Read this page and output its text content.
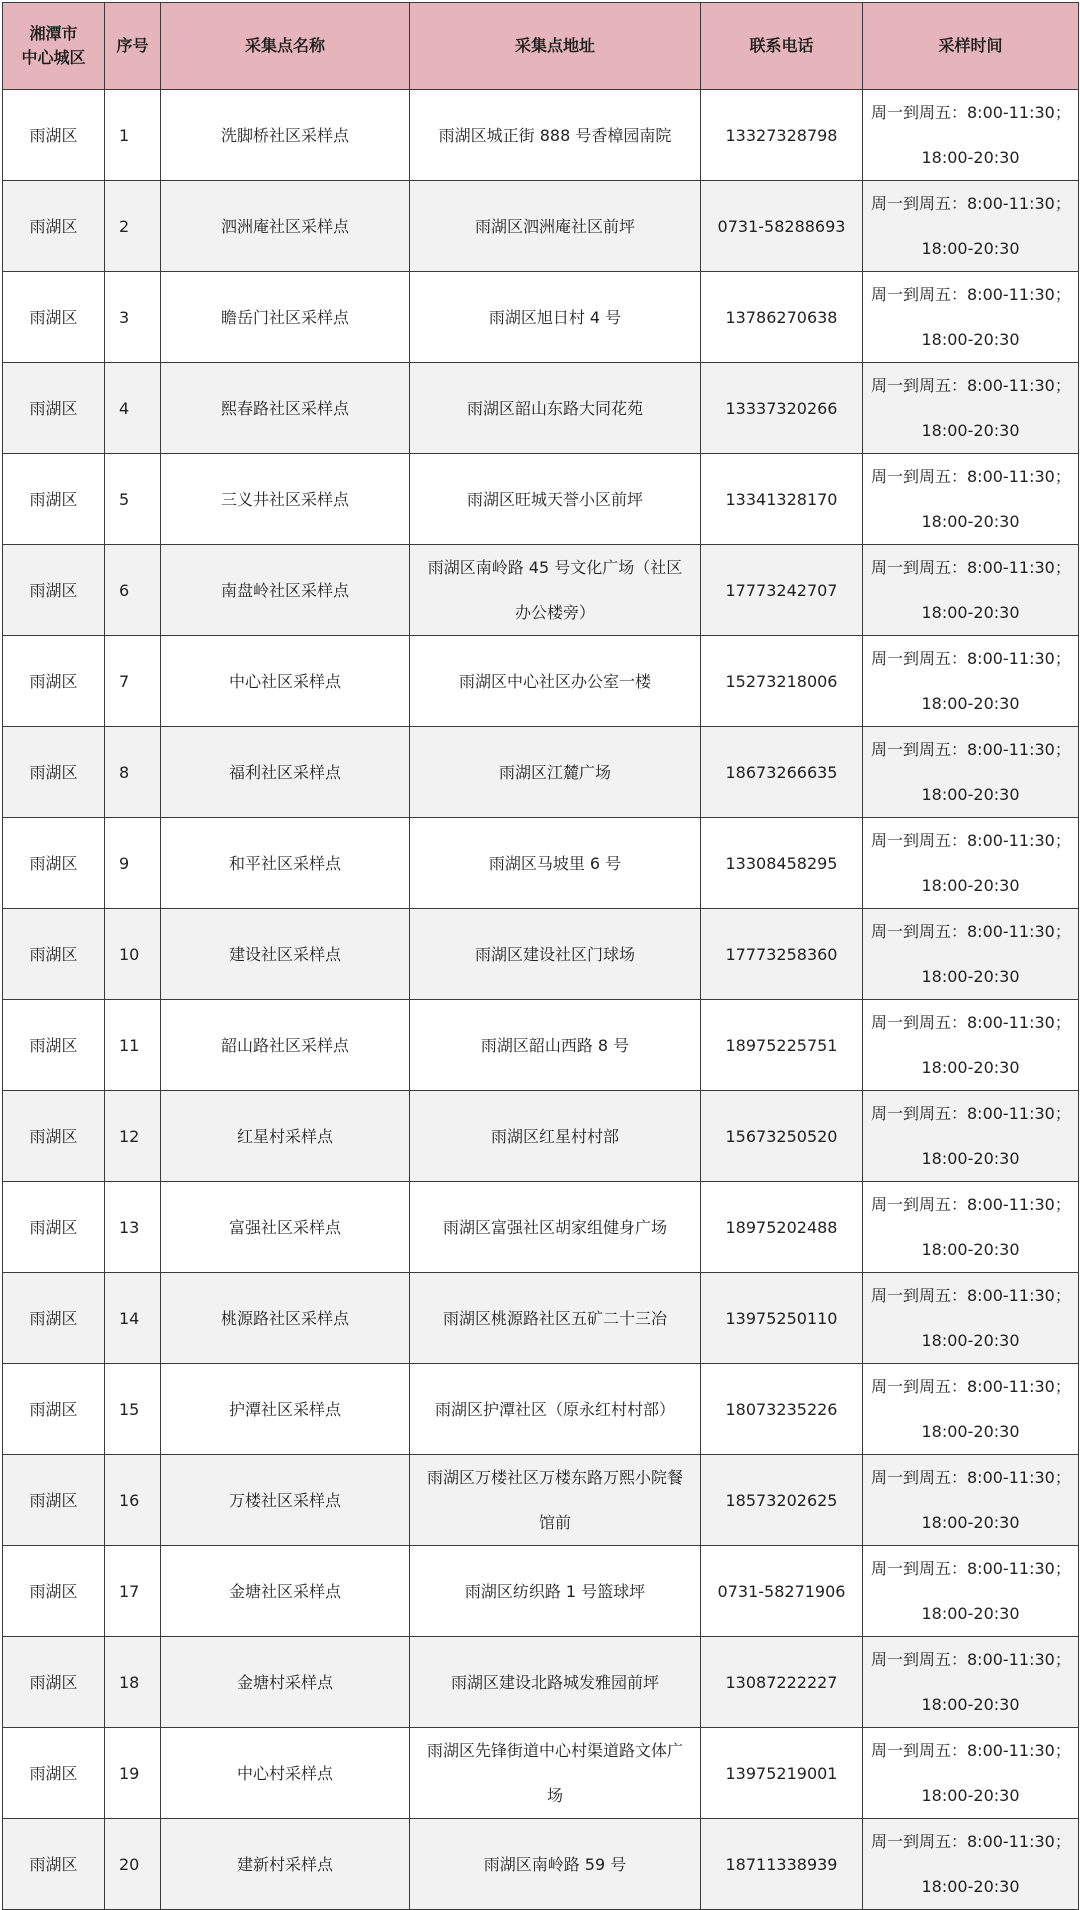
湘潭市
中心城区	序号	采集点名称	采集点地址	联系电话	采样时间
雨湖区	1	洗脚桥社区采样点	雨湖区城正街 888 号香樟园南院	13327328798	周一到周五：8:00-11:30；
18:00-20:30

雨湖区	2	泗洲庵社区采样点	雨湖区泗洲庵社区前坪	0731-58288693	周一到周五：8:00-11:30；
18:00-20:30

雨湖区	3	瞻岳门社区采样点	雨湖区旭日村 4 号	13786270638	周一到周五：8:00-11:30；
18:00-20:30

雨湖区	4	熙春路社区采样点	雨湖区韶山东路大同花苑	13337320266	周一到周五：8:00-11:30；
18:00-20:30

雨湖区	5	三义井社区采样点	雨湖区旺城天誉小区前坪	13341328170	周一到周五：8:00-11:30；
18:00-20:30

雨湖区	6	南盘岭社区采样点	雨湖区南岭路 45 号文化广场（社区
办公楼旁）	17773242707	周一到周五：8:00-11:30；
18:00-20:30

雨湖区	7	中心社区采样点	雨湖区中心社区办公室一楼	15273218006	周一到周五：8:00-11:30；
18:00-20:30

雨湖区	8	福利社区采样点	雨湖区江麓广场	18673266635	周一到周五：8:00-11:30；
18:00-20:30

雨湖区	9	和平社区采样点	雨湖区马坡里 6 号	13308458295	周一到周五：8:00-11:30；
18:00-20:30

雨湖区	10	建设社区采样点	雨湖区建设社区门球场	17773258360	周一到周五：8:00-11:30；
18:00-20:30

雨湖区	11	韶山路社区采样点	雨湖区韶山西路 8 号	18975225751	周一到周五：8:00-11:30；
18:00-20:30

雨湖区	12	红星村采样点	雨湖区红星村村部	15673250520	周一到周五：8:00-11:30；
18:00-20:30

雨湖区	13	富强社区采样点	雨湖区富强社区胡家组健身广场	18975202488	周一到周五：8:00-11:30；
18:00-20:30

雨湖区	14	桃源路社区采样点	雨湖区桃源路社区五矿二十三冶	13975250110	周一到周五：8:00-11:30；
18:00-20:30

雨湖区	15	护潭社区采样点	雨湖区护潭社区（原永红村村部）	18073235226	周一到周五：8:00-11:30；
18:00-20:30

雨湖区	16	万楼社区采样点	雨湖区万楼社区万楼东路万熙小院餐
馆前	18573202625	周一到周五：8:00-11:30；
18:00-20:30

雨湖区	17	金塘社区采样点	雨湖区纺织路 1 号篮球坪	0731-58271906	周一到周五：8:00-11:30；
18:00-20:30

雨湖区	18	金塘村采样点	雨湖区建设北路城发雅园前坪	13087222227	周一到周五：8:00-11:30；
18:00-20:30

雨湖区	19	中心村采样点	雨湖区先锋街道中心村渠道路文体广
场	13975219001	周一到周五：8:00-11:30；
18:00-20:30

雨湖区	20	建新村采样点	雨湖区南岭路 59 号	18711338939	周一到周五：8:00-11:30；
18:00-20:30
